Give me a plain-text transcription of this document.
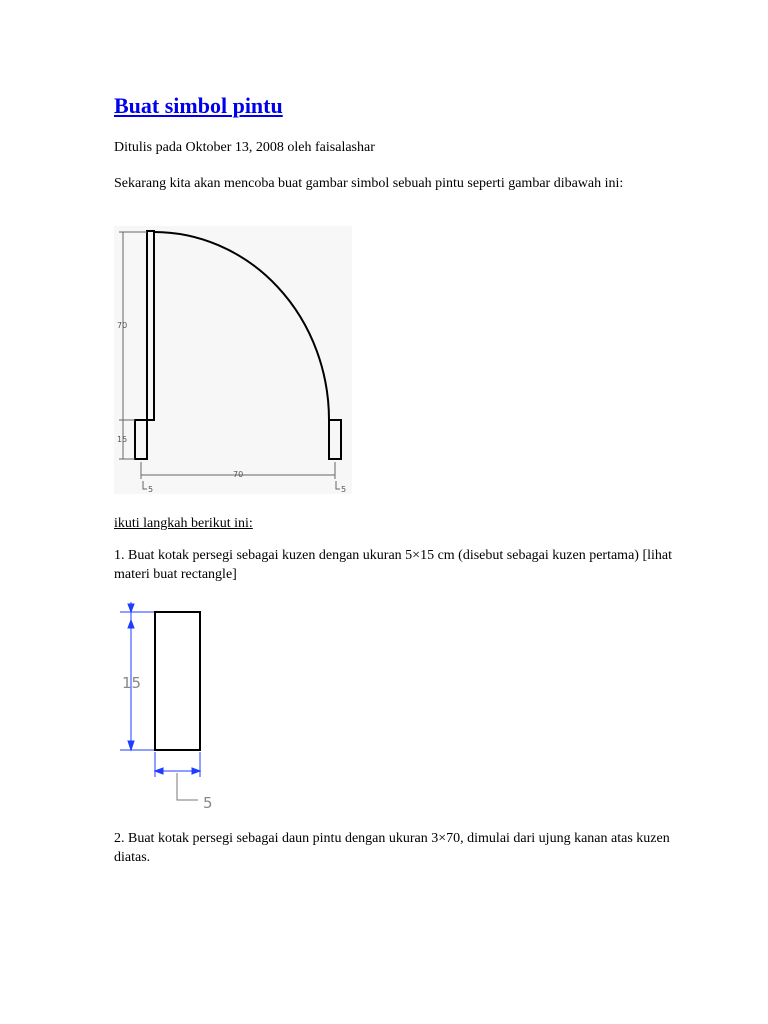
Buat simbol pintu

Ditulis pada Oktober 13, 2008 oleh faisalashar

Sekarang kita akan mencoba buat gambar simbol sebuah pintu seperti gambar dibawah ini:

70
15
70
5	5

ikuti langkah berikut ini:

1. Buat kotak persegi sebagai kuzen dengan ukuran 5×15 cm (disebut sebagai kuzen pertama) [lihat materi buat rectangle]

15
5

2. Buat kotak persegi sebagai daun pintu dengan ukuran 3×70, dimulai dari ujung kanan atas kuzen diatas.
